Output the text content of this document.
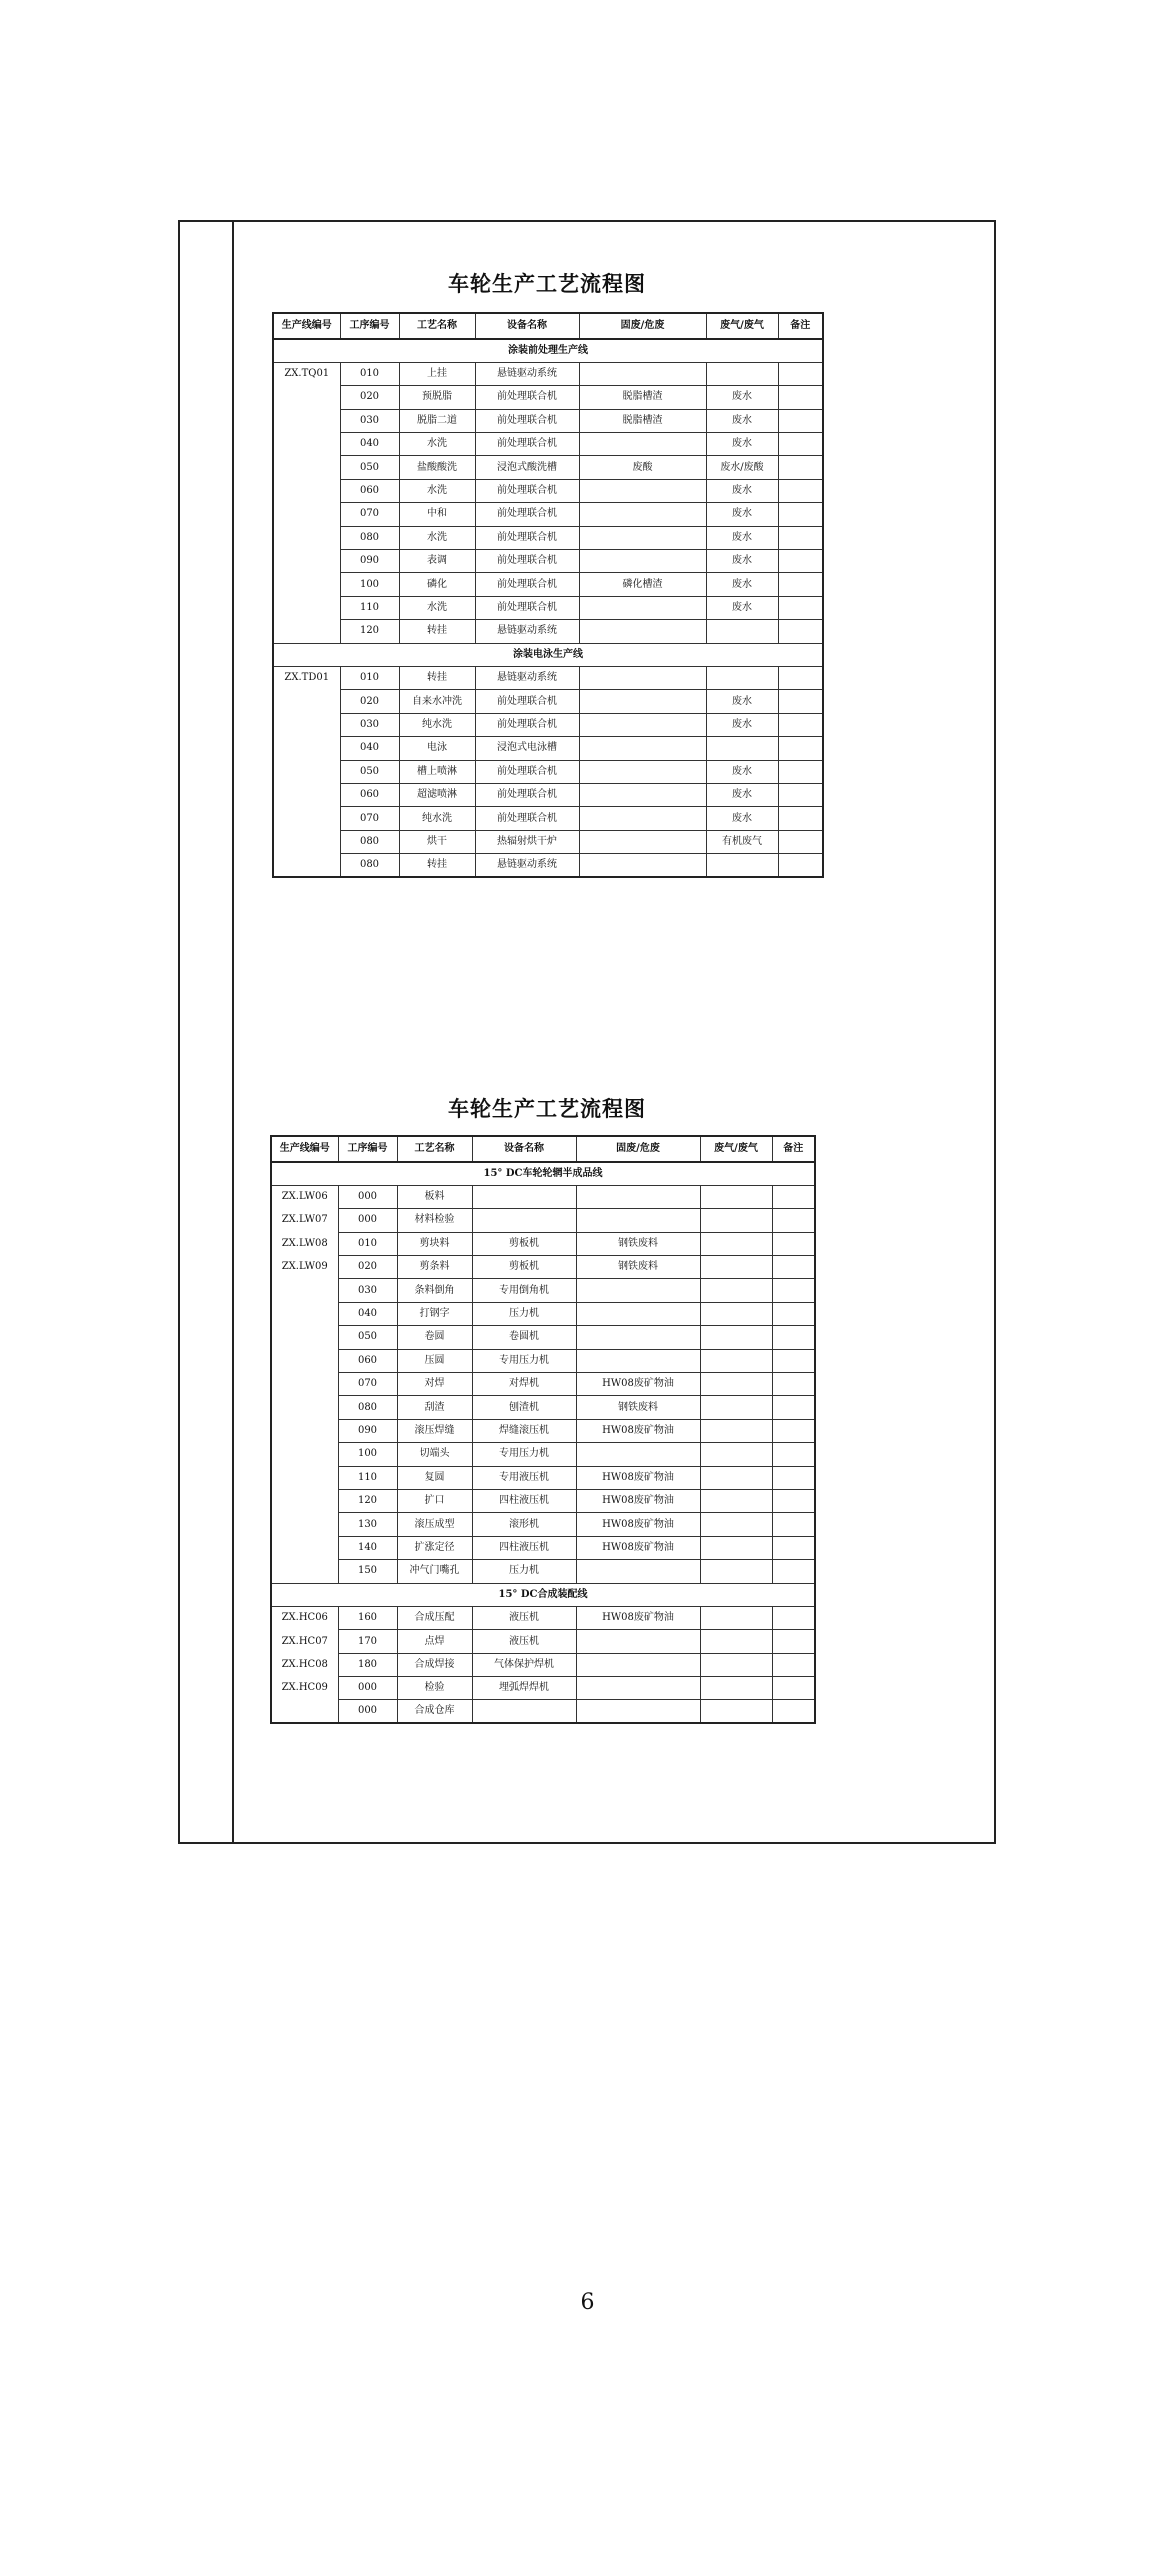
车轮生产工艺流程图
生产线编号	工序编号	工艺名称	设备名称	固废/危废	废气/废气	备注
涂装前处理生产线						
ZX.TQ01	010	上挂	悬链驱动系统			
	020	预脱脂	前处理联合机	脱脂槽渣	废水	
	030	脱脂二道	前处理联合机	脱脂槽渣	废水	
	040	水洗	前处理联合机		废水	
	050	盐酸酸洗	浸泡式酸洗槽	废酸	废水/废酸	
	060	水洗	前处理联合机		废水	
	070	中和	前处理联合机		废水	
	080	水洗	前处理联合机		废水	
	090	表调	前处理联合机		废水	
	100	磷化	前处理联合机	磷化槽渣	废水	
	110	水洗	前处理联合机		废水	
	120	转挂	悬链驱动系统			
涂装电泳生产线						
ZX.TD01	010	转挂	悬链驱动系统			
	020	自来水冲洗	前处理联合机		废水	
	030	纯水洗	前处理联合机		废水	
	040	电泳	浸泡式电泳槽			
	050	槽上喷淋	前处理联合机		废水	
	060	超滤喷淋	前处理联合机		废水	
	070	纯水洗	前处理联合机		废水	
	080	烘干	热辐射烘干炉		有机废气	
	080	转挂	悬链驱动系统			
车轮生产工艺流程图
生产线编号	工序编号	工艺名称	设备名称	固废/危废	废气/废气	备注
15° DC车轮轮辋半成品线						
ZX.LW06	000	板料				
ZX.LW07	000	材料检验				
ZX.LW08	010	剪块料	剪板机	钢铁废料		
ZX.LW09	020	剪条料	剪板机	钢铁废料		
	030	条料倒角	专用倒角机			
	040	打钢字	压力机			
	050	卷圆	卷圆机			
	060	压圆	专用压力机			
	070	对焊	对焊机	HW08废矿物油		
	080	刮渣	刨渣机	钢铁废料		
	090	滚压焊缝	焊缝滚压机	HW08废矿物油		
	100	切端头	专用压力机			
	110	复圆	专用液压机	HW08废矿物油		
	120	扩口	四柱液压机	HW08废矿物油		
	130	滚压成型	滚形机	HW08废矿物油		
	140	扩涨定径	四柱液压机	HW08废矿物油		
	150	冲气门嘴孔	压力机			
15° DC合成装配线						
ZX.HC06	160	合成压配	液压机	HW08废矿物油		
ZX.HC07	170	点焊	液压机			
ZX.HC08	180	合成焊接	气体保护焊机			
ZX.HC09	000	检验	埋弧焊焊机			
	000	合成仓库				
6
